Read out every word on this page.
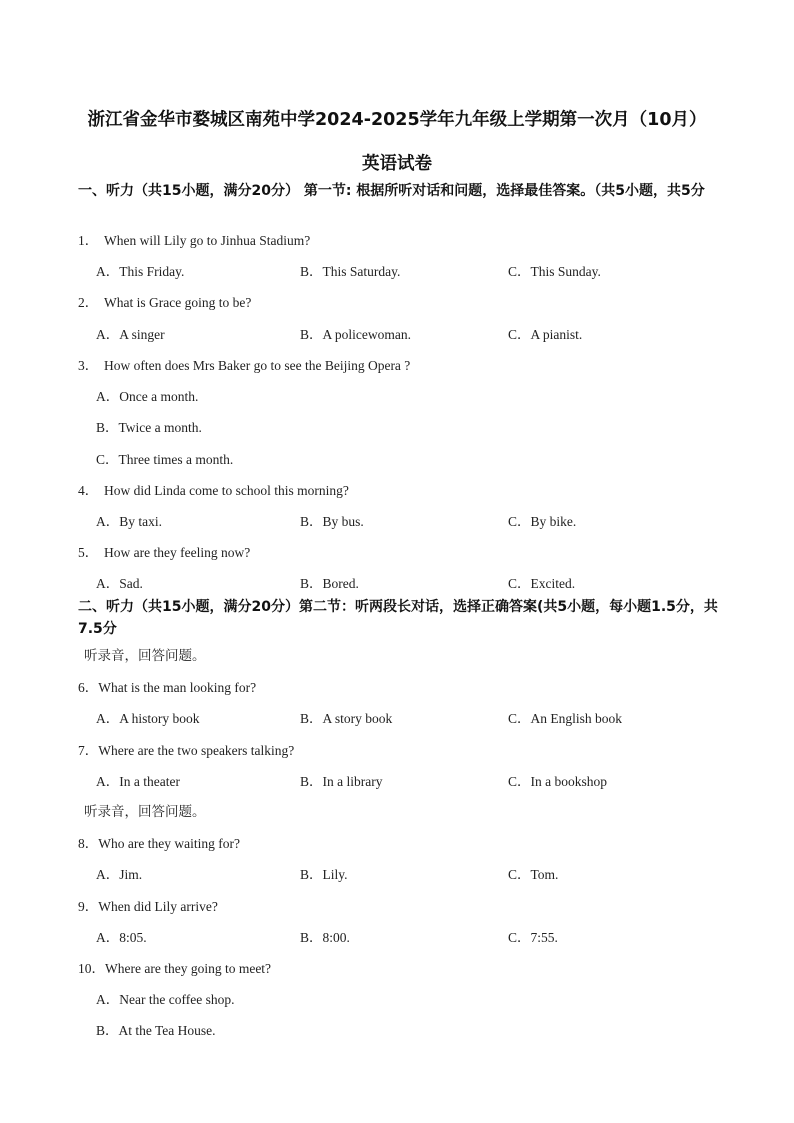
浙江省金华市婺城区南苑中学2024-2025学年九年级上学期第一次月（10月）
英语试卷
一、听力（共15小题，满分20分） 第一节: 根据所听对话和问题，选择最佳答案。（共5小题，共5分
1． When will Lily go to Jinhua Stadium?
A．This Friday.	B．This Saturday.	C．This Sunday.
2． What is Grace going to be?
A．A singer	B．A policewoman.	C．A pianist.
3． How often does Mrs Baker go to see the Beijing Opera ?
A．Once a month.
B．Twice a month.
C．Three times a month.
4． How did Linda come to school this morning?
A．By taxi.	B．By bus.	C．By bike.
5． How are they feeling now?
A．Sad.	B．Bored.	C．Excited.
二、听力（共15小题，满分20分）第二节：听两段长对话，选择正确答案(共5小题，每小题1.5分，共7.5分
听录音，回答问题。
6．What is the man looking for?
A．A history book	B．A story book	C．An English book
7．Where are the two speakers talking?
A．In a theater	B．In a library	C．In a bookshop
听录音，回答问题。
8．Who are they waiting for?
A．Jim.	B．Lily.	C．Tom.
9．When did Lily arrive?
A．8:05.	B．8:00.	C．7:55.
10．Where are they going to meet?
A．Near the coffee shop.
B．At the Tea House.
